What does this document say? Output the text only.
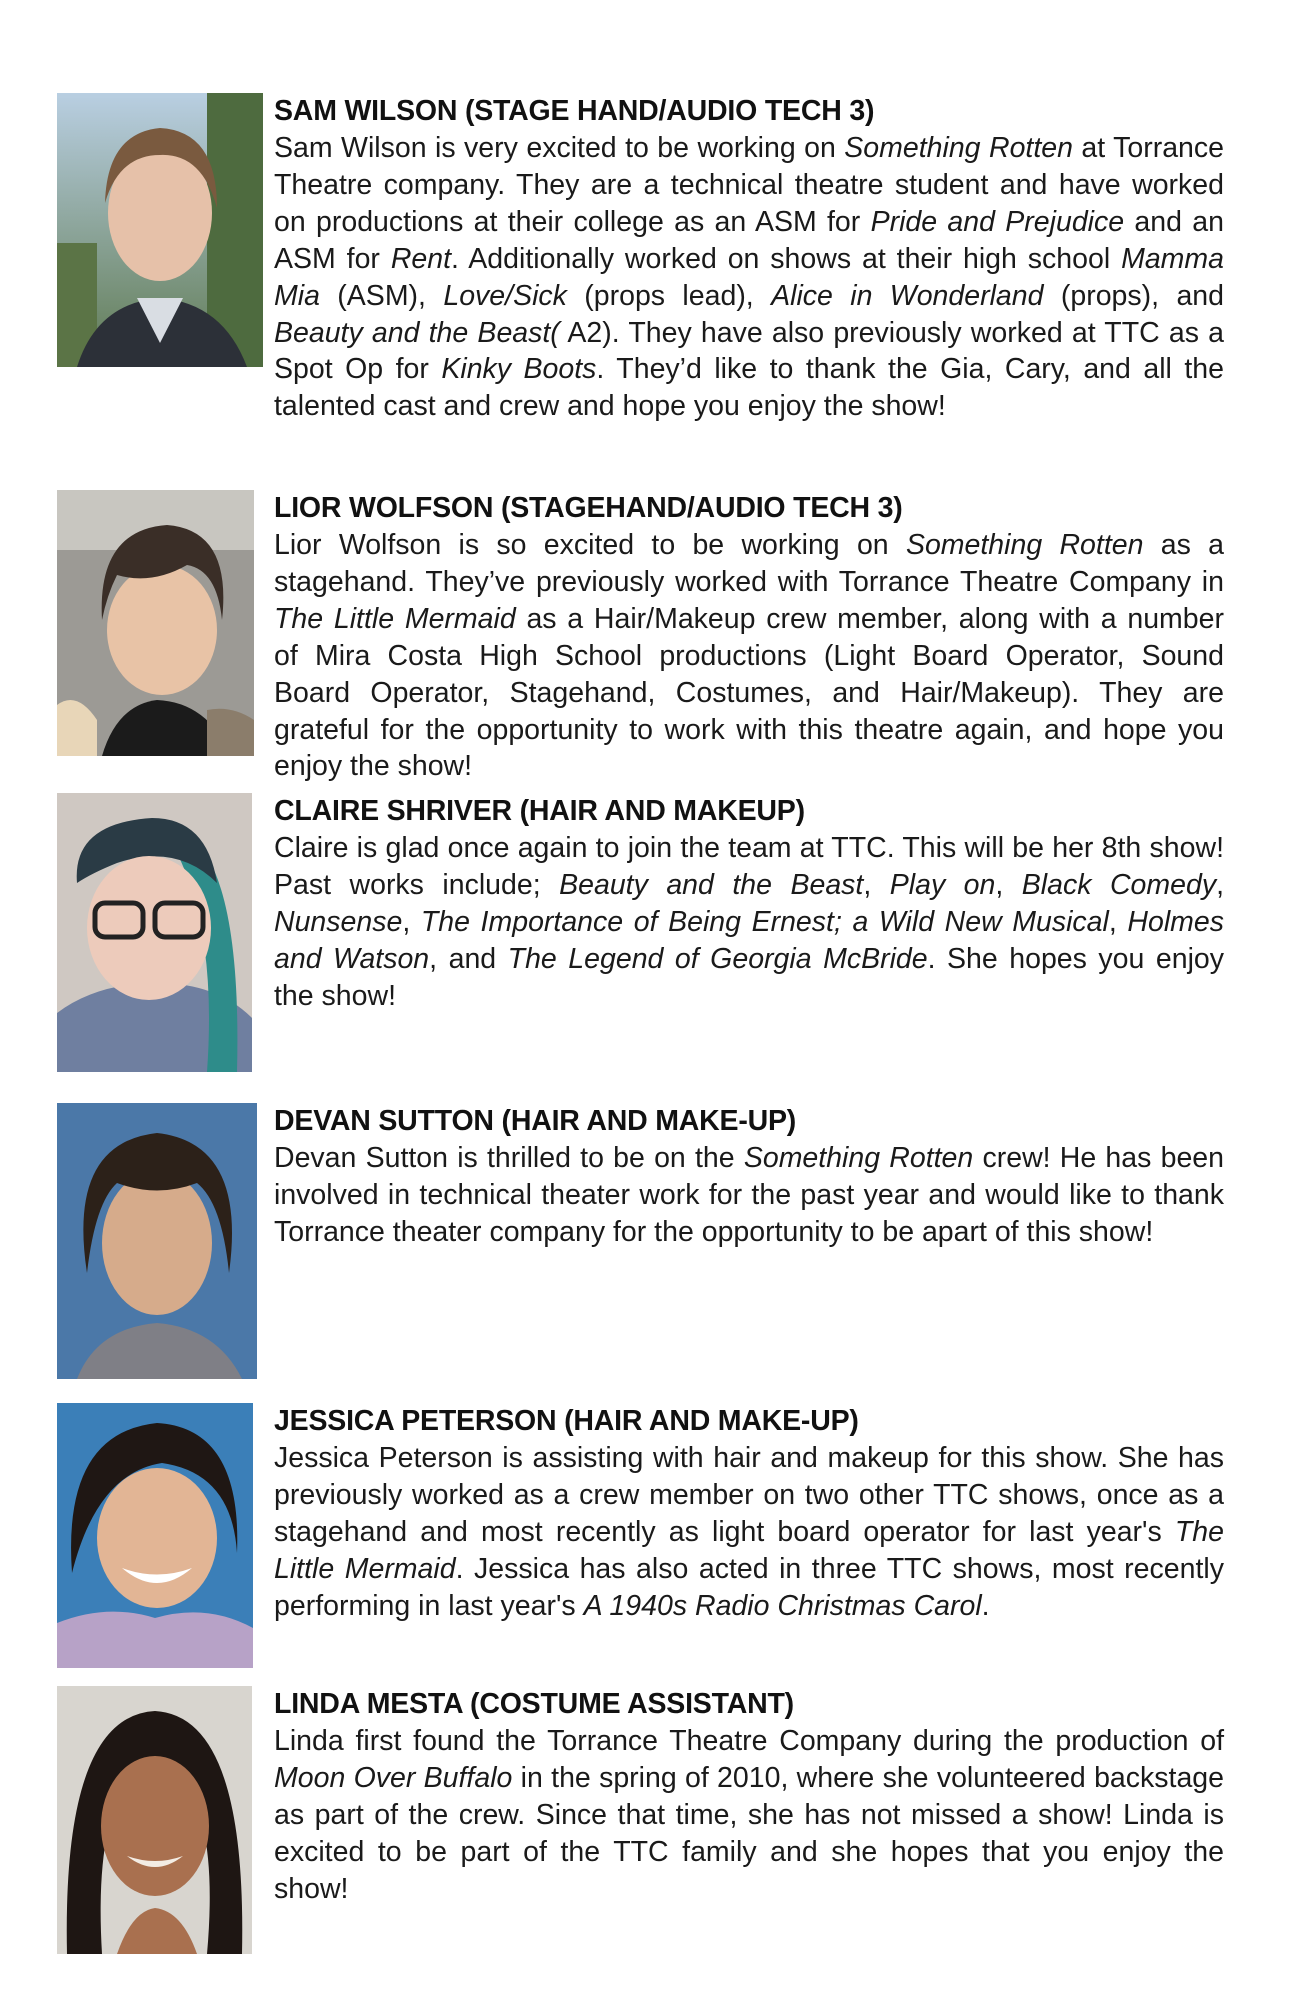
SAM WILSON (STAGE HAND/AUDIO TECH 3)

Sam Wilson is very excited to be working on Something Rotten at Torrance Theatre company. They are a technical theatre student and have worked on productions at their college as an ASM for Pride and Prejudice and an ASM for Rent. Additionally worked on shows at their high school Mamma Mia (ASM), Love/Sick (props lead), Alice in Wonderland (props), and Beauty and the Beast( A2). They have also previously worked at TTC as a Spot Op for Kinky Boots. They’d like to thank the Gia, Cary, and all the talented cast and crew and hope you enjoy the show!

LIOR WOLFSON (STAGEHAND/AUDIO TECH 3)

Lior Wolfson is so excited to be working on Something Rotten as a stagehand. They’ve previously worked with Torrance Theatre Company in The Little Mermaid as a Hair/Makeup crew member, along with a number of Mira Costa High School productions (Light Board Operator, Sound Board Operator, Stagehand, Costumes, and Hair/Makeup). They are grateful for the opportunity to work with this theatre again, and hope you enjoy the show!

CLAIRE SHRIVER (HAIR AND MAKEUP)

Claire is glad once again to join the team at TTC. This will be her 8th show! Past works include; Beauty and the Beast, Play on, Black Comedy, Nunsense, The Importance of Being Ernest; a Wild New Musical, Holmes and Watson, and The Legend of Georgia McBride. She hopes you enjoy the show!

DEVAN SUTTON (HAIR AND MAKE-UP)

Devan Sutton is thrilled to be on the Something Rotten crew! He has been involved in technical theater work for the past year and would like to thank Torrance theater company for the opportunity to be apart of this show!

JESSICA PETERSON (HAIR AND MAKE-UP)

Jessica Peterson is assisting with hair and makeup for this show. She has previously worked as a crew member on two other TTC shows, once as a stagehand and most recently as light board operator for last year's The Little Mermaid. Jessica has also acted in three TTC shows, most recently performing in last year's A 1940s Radio Christmas Carol.

LINDA MESTA (COSTUME ASSISTANT)

Linda first found the Torrance Theatre Company during the production of Moon Over Buffalo in the spring of 2010, where she volunteered backstage as part of the crew. Since that time, she has not missed a show! Linda is excited to be part of the TTC family and she hopes that you enjoy the show!
